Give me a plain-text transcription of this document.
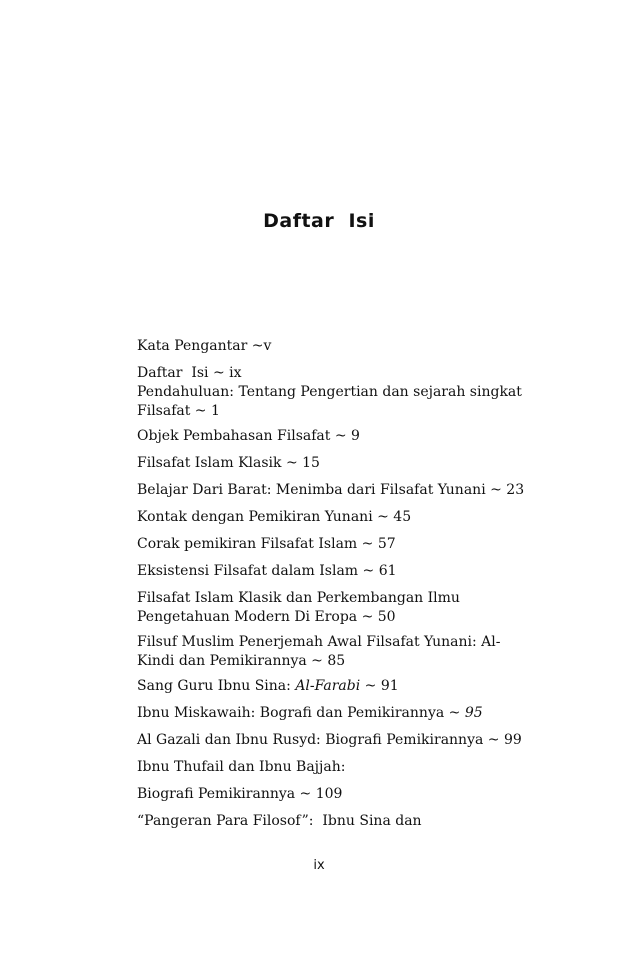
Daftar  Isi
Kata Pengantar ~v
Daftar  Isi ~ ix
Pendahuluan: Tentang Pengertian dan sejarah singkat
Filsafat ~ 1
Objek Pembahasan Filsafat ~ 9
Filsafat Islam Klasik ~ 15
Belajar Dari Barat: Menimba dari Filsafat Yunani ~ 23
Kontak dengan Pemikiran Yunani ~ 45
Corak pemikiran Filsafat Islam ~ 57
Eksistensi Filsafat dalam Islam ~ 61
Filsafat Islam Klasik dan Perkembangan Ilmu
Pengetahuan Modern Di Eropa ~ 50
Filsuf Muslim Penerjemah Awal Filsafat Yunani: Al-
Kindi dan Pemikirannya ~ 85
Sang Guru Ibnu Sina: Al-Farabi ~ 91
Ibnu Miskawaih: Bografi dan Pemikirannya ~ 95
Al Gazali dan Ibnu Rusyd: Biografi Pemikirannya ~ 99
Ibnu Thufail dan Ibnu Bajjah:
Biografi Pemikirannya ~ 109
“Pangeran Para Filosof”:  Ibnu Sina dan
ix
